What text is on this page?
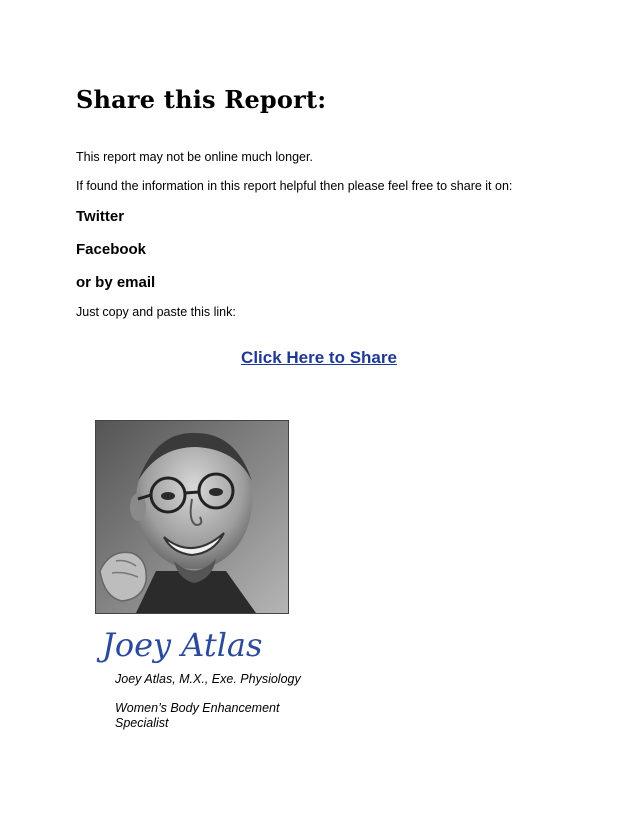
Share this Report:
This report may not be online much longer.
If found the information in this report helpful then please feel free to share it on:
Twitter
Facebook
or by email
Just copy and paste this link:
Click Here to Share
Joey Atlas
Joey Atlas, M.X., Exe. Physiology
Women’s Body Enhancement
Specialist
